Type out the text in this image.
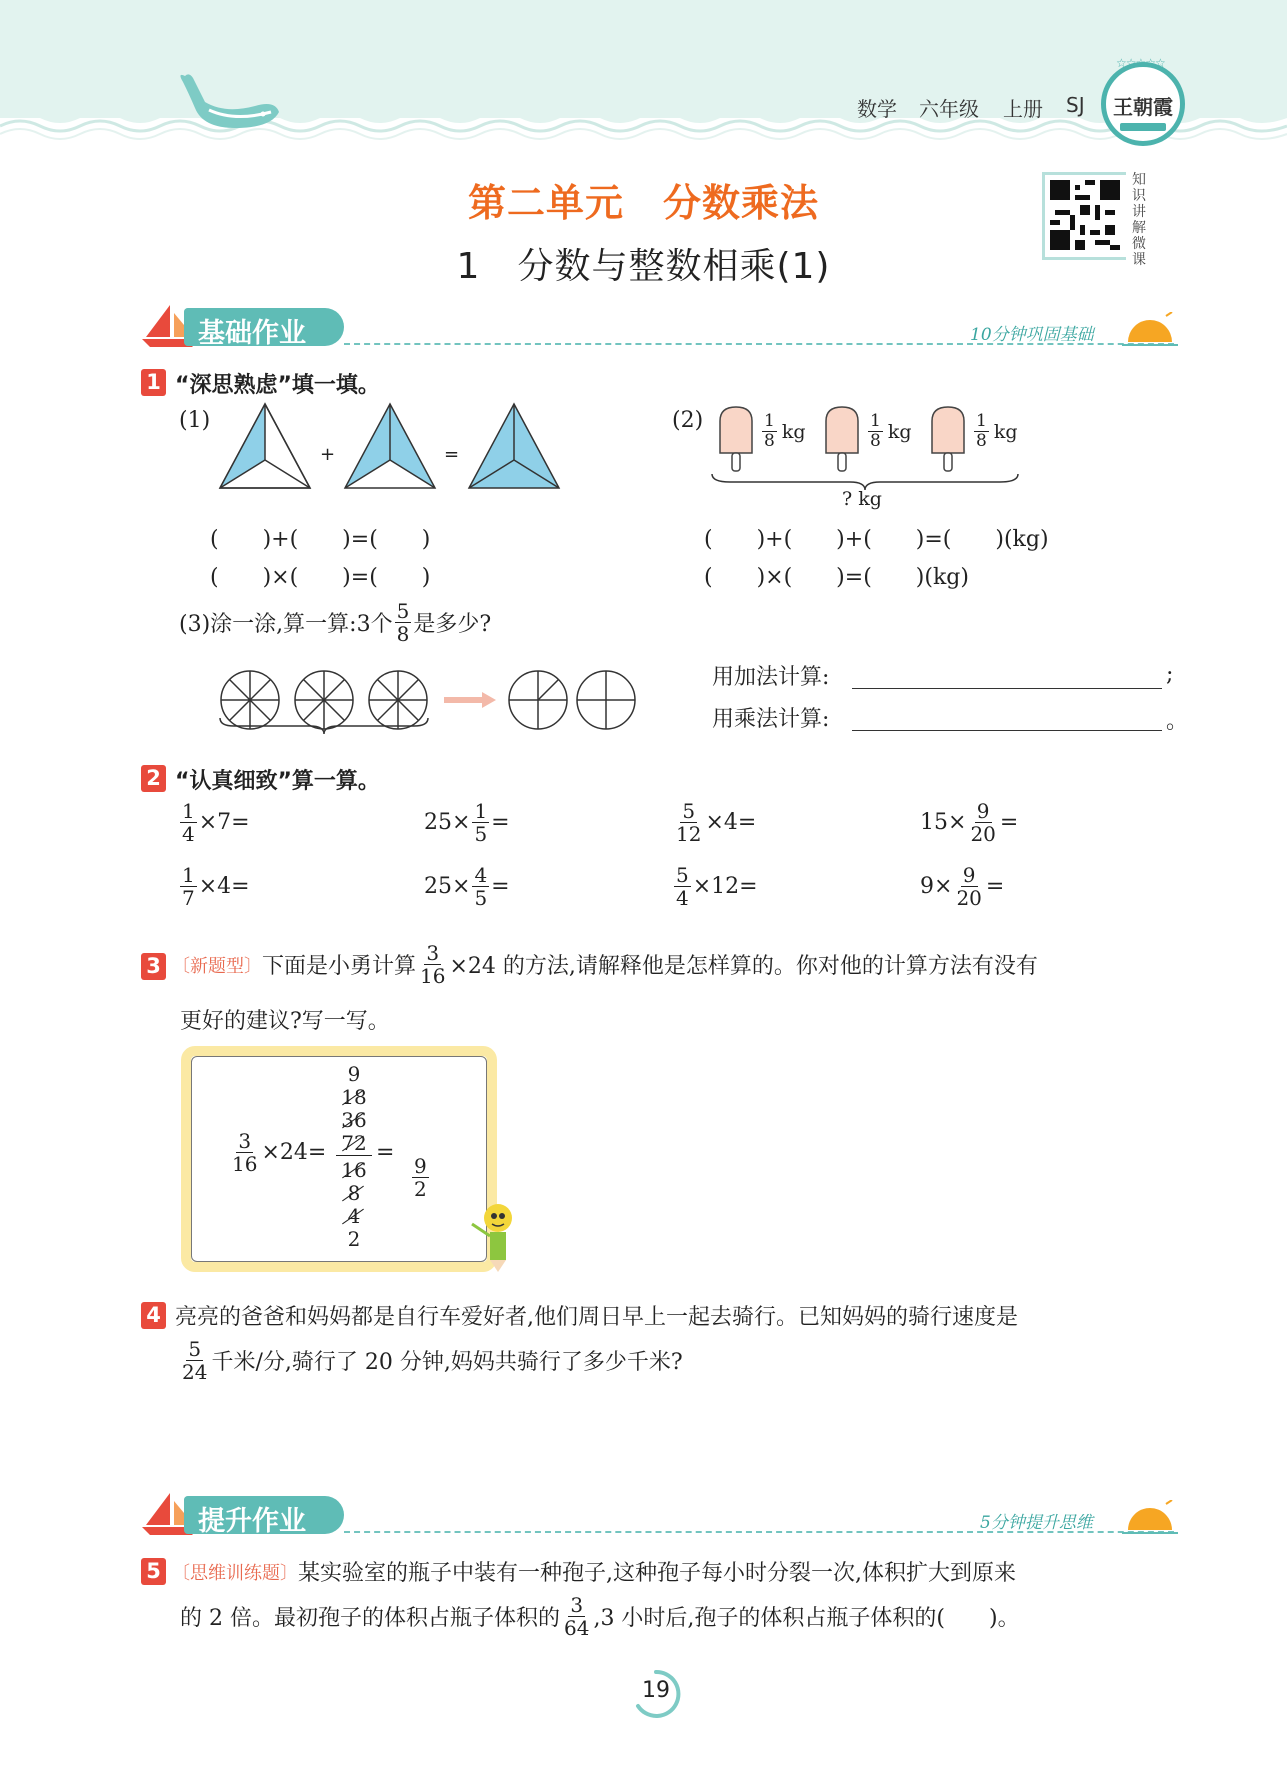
数学 六年级 上册 SJ	王朝霞
☆☆☆☆☆
第二单元　分数乘法
1　分数与整数相乘(1)
知识讲解微课
基础作业	10分钟巩固基础
1 “深思熟虑”填一填。
(1)
+	=
(　　)+(　　)=(　　)
(　　)×(　　)=(　　)
(2)	$\frac{1}{8}$ kg	$\frac{1}{8}$ kg	$\frac{1}{8}$ kg
? kg
(　　)+(　　)+(　　)=(　　)(kg)
(　　)×(　　)=(　　)(kg)
(3)涂一涂,算一算:3个 $\frac{5}{8}$ 是多少?
用加法计算:	;
用乘法计算:	。
2 “认真细致”算一算。
$\frac{1}{4} \times 7=$	$25\times \frac{1}{5}$ =	$\frac{5}{12} \times 4=$	$15\times \frac{9}{20}$ =
$\frac{1}{7} \times 4=$	$25\times \frac{4}{5}$ =	$\frac{5}{4} \times 12=$	$9\times \frac{9}{20}$ =
3 〔新题型〕 下面是小勇计算 $\frac{3}{16} \times 24$ 的方法,请解释他是怎样算的。你对他的计算方法有没有
更好的建议?写一写。
$\frac{3}{16} \times 24=$
9
18
36
72
16
8
4
2
=

$\frac{9}{2}$

4 亮亮的爸爸和妈妈都是自行车爱好者,他们周日早上一起去骑行。已知妈妈的骑行速度是
$\frac{5}{24}$ 千米/分,骑行了 20 分钟,妈妈共骑行了多少千米?
提升作业	5分钟提升思维
5 〔思维训练题〕 某实验室的瓶子中装有一种孢子,这种孢子每小时分裂一次,体积扩大到原来
的 2 倍。最初孢子的体积占瓶子体积的 $\frac{3}{64} ,3$ 小时后,孢子的体积占瓶子体积的(　　)。
19
